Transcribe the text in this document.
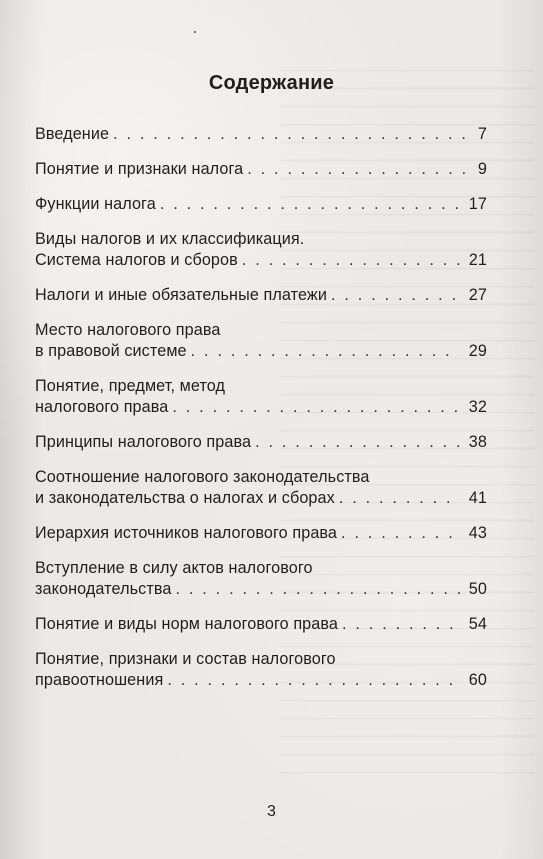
Содержание
Введение . . .	7
Понятие и признаки налога . . .	9
Функции налога . . .	17
Виды налогов и их классификация.
Система налогов и сборов . . .	21
Налоги и иные обязательные платежи . . .	27
Место налогового права
в правовой системе . . .	29
Понятие, предмет, метод
налогового права . . .	32
Принципы налогового права . . .	38
Соотношение налогового законодательства
и законодательства о налогах и сборах . . .	41
Иерархия источников налогового права . . .	43
Вступление в силу актов налогового
законодательства . . .	50
Понятие и виды норм налогового права . . .	54
Понятие, признаки и состав налогового
правоотношения . . .	60
3
